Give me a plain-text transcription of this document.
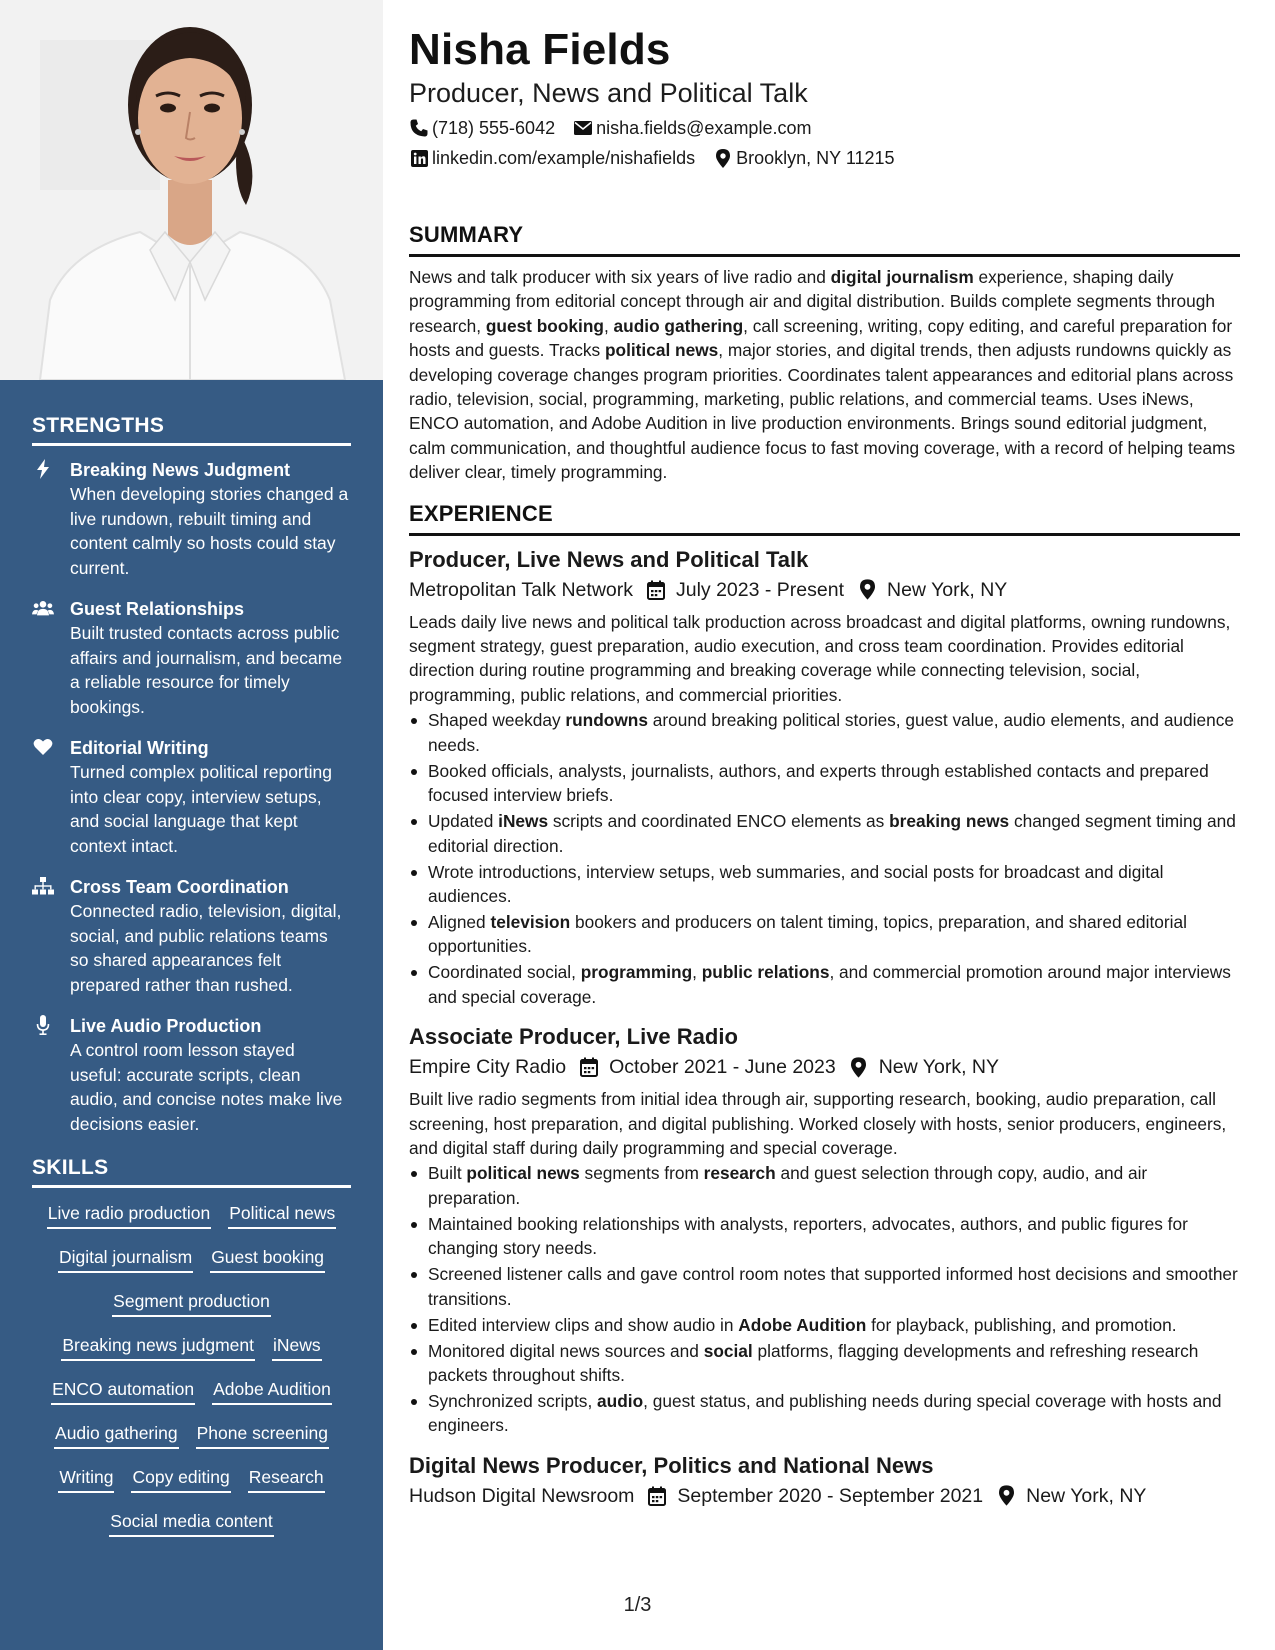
STRENGTHS
Breaking News Judgment
When developing stories changed a live rundown, rebuilt timing and content calmly so hosts could stay current.
Guest Relationships
Built trusted contacts across public affairs and journalism, and became a reliable resource for timely bookings.
Editorial Writing
Turned complex political reporting into clear copy, interview setups, and social language that kept context intact.
Cross Team Coordination
Connected radio, television, digital, social, and public relations teams so shared appearances felt prepared rather than rushed.
Live Audio Production
A control room lesson stayed useful: accurate scripts, clean audio, and concise notes make live decisions easier.
SKILLS
Live radio production Political news
Digital journalism Guest booking
Segment production
Breaking news judgment iNews
ENCO automation Adobe Audition
Audio gathering Phone screening
Writing Copy editing Research
Social media content
Nisha Fields
Producer, News and Political Talk
(718) 555-6042 nisha.fields@example.com
linkedin.com/example/nishafields Brooklyn, NY 11215
SUMMARY

News and talk producer with six years of live radio and digital journalism experience, shaping daily programming from editorial concept through air and digital distribution. Builds complete segments through research, guest booking, audio gathering, call screening, writing, copy editing, and careful preparation for hosts and guests. Tracks political news, major stories, and digital trends, then adjusts rundowns quickly as developing coverage changes program priorities. Coordinates talent appearances and editorial plans across radio, television, social, programming, marketing, public relations, and commercial teams. Uses iNews, ENCO automation, and Adobe Audition in live production environments. Brings sound editorial judgment, calm communication, and thoughtful audience focus to fast moving coverage, with a record of helping teams deliver clear, timely programming.

EXPERIENCE
Producer, Live News and Political Talk
Metropolitan Talk Network July 2023 - Present New York, NY

Leads daily live news and political talk production across broadcast and digital platforms, owning rundowns, segment strategy, guest preparation, audio execution, and cross team coordination. Provides editorial direction during routine programming and breaking coverage while connecting television, social, programming, public relations, and commercial priorities.

Shaped weekday rundowns around breaking political stories, guest value, audio elements, and audience needs.
Booked officials, analysts, journalists, authors, and experts through established contacts and prepared focused interview briefs.
Updated iNews scripts and coordinated ENCO elements as breaking news changed segment timing and editorial direction.
Wrote introductions, interview setups, web summaries, and social posts for broadcast and digital audiences.
Aligned television bookers and producers on talent timing, topics, preparation, and shared editorial opportunities.
Coordinated social, programming, public relations, and commercial promotion around major interviews and special coverage.
Associate Producer, Live Radio
Empire City Radio October 2021 - June 2023 New York, NY

Built live radio segments from initial idea through air, supporting research, booking, audio preparation, call screening, host preparation, and digital publishing. Worked closely with hosts, senior producers, engineers, and digital staff during daily programming and special coverage.

Built political news segments from research and guest selection through copy, audio, and air preparation.
Maintained booking relationships with analysts, reporters, advocates, authors, and public figures for changing story needs.
Screened listener calls and gave control room notes that supported informed host decisions and smoother transitions.
Edited interview clips and show audio in Adobe Audition for playback, publishing, and promotion.
Monitored digital news sources and social platforms, flagging developments and refreshing research packets throughout shifts.
Synchronized scripts, audio, guest status, and publishing needs during special coverage with hosts and engineers.
Digital News Producer, Politics and National News
Hudson Digital Newsroom September 2020 - September 2021 New York, NY
1/3
